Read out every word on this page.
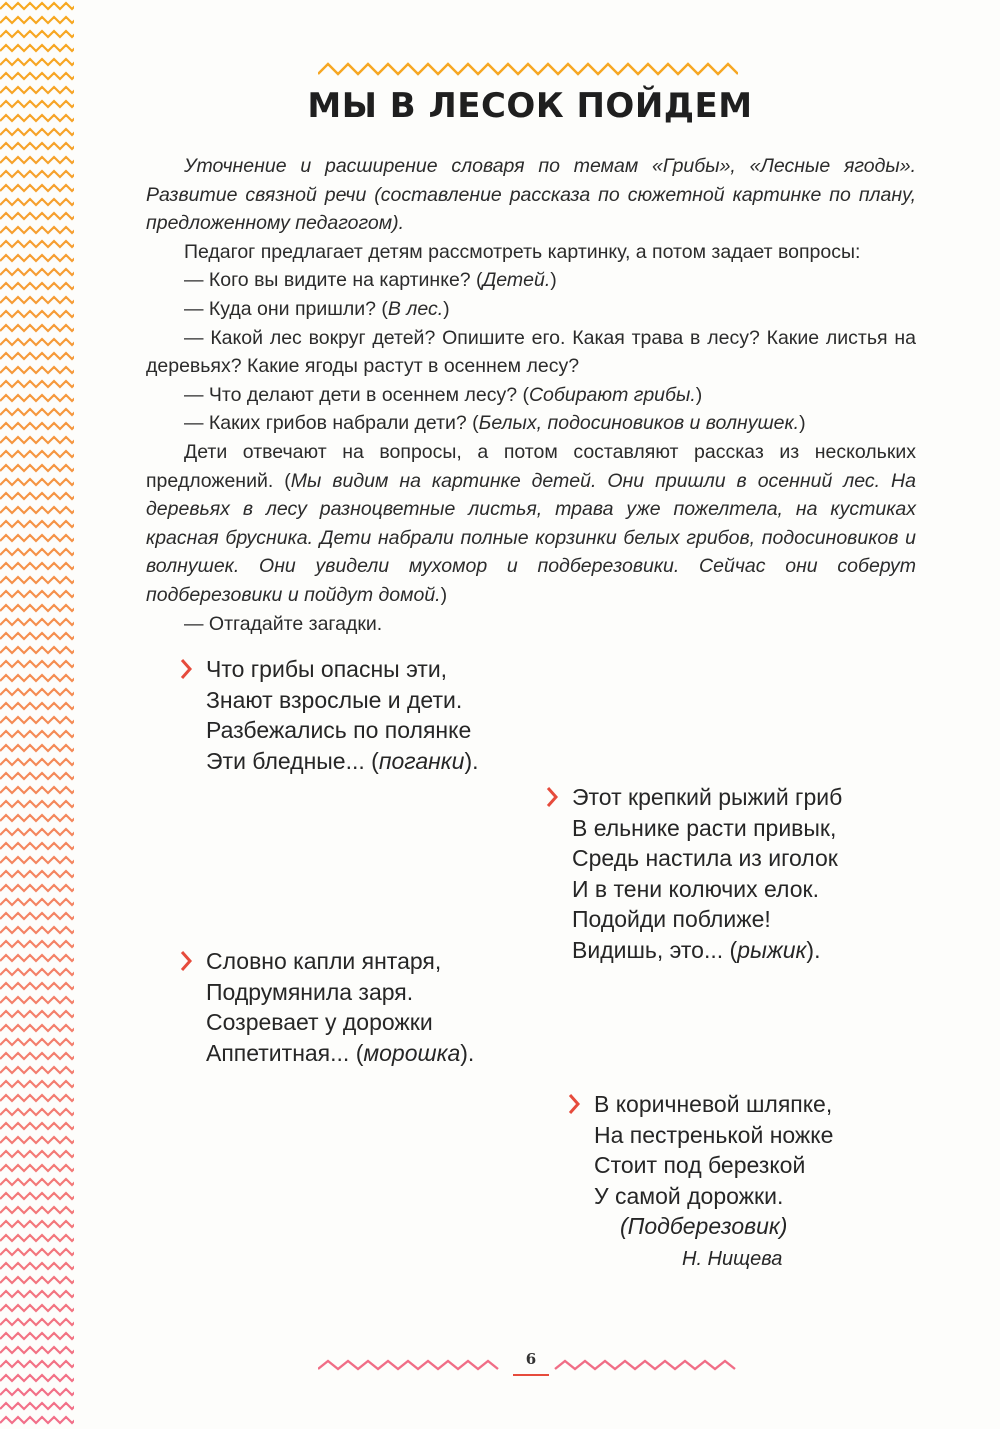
МЫ В ЛЕСОК ПОЙДЕМ

Уточнение и расширение словаря по темам «Грибы», «Лесные ягоды». Развитие связной речи (составление рассказа по сюжетной картинке по плану, предложенному педагогом).

Педагог предлагает детям рассмотреть картинку, а потом задает вопросы:

— Кого вы видите на картинке? (Детей.)

— Куда они пришли? (В лес.)

— Какой лес вокруг детей? Опишите его. Какая трава в лесу? Какие листья на деревьях? Какие ягоды растут в осеннем лесу?

— Что делают дети в осеннем лесу? (Собирают грибы.)

— Каких грибов набрали дети? (Белых, подосиновиков и волнушек.)

Дети отвечают на вопросы, а потом составляют рассказ из нескольких предложений. (Мы видим на картинке детей. Они пришли в осенний лес. На деревьях в лесу разноцветные листья, трава уже пожелтела, на кустиках красная брусника. Дети набрали полные корзинки белых грибов, подосиновиков и волнушек. Они увидели мухомор и подберезовики. Сейчас они соберут подберезовики и пойдут домой.)

— Отгадайте загадки.

Что грибы опасны эти,
Знают взрослые и дети.
Разбежались по полянке
Эти бледные... (поганки).
Этот крепкий рыжий гриб
В ельнике расти привык,
Средь настила из иголок
И в тени колючих елок.
Подойди поближе!
Видишь, это... (рыжик).
Словно капли янтаря,
Подрумянила заря.
Созревает у дорожки
Аппетитная... (морошка).
В коричневой шляпке,
На пестренькой ножке
Стоит под березкой
У самой дорожки.
(Подберезовик)
Н. Нищева
6
